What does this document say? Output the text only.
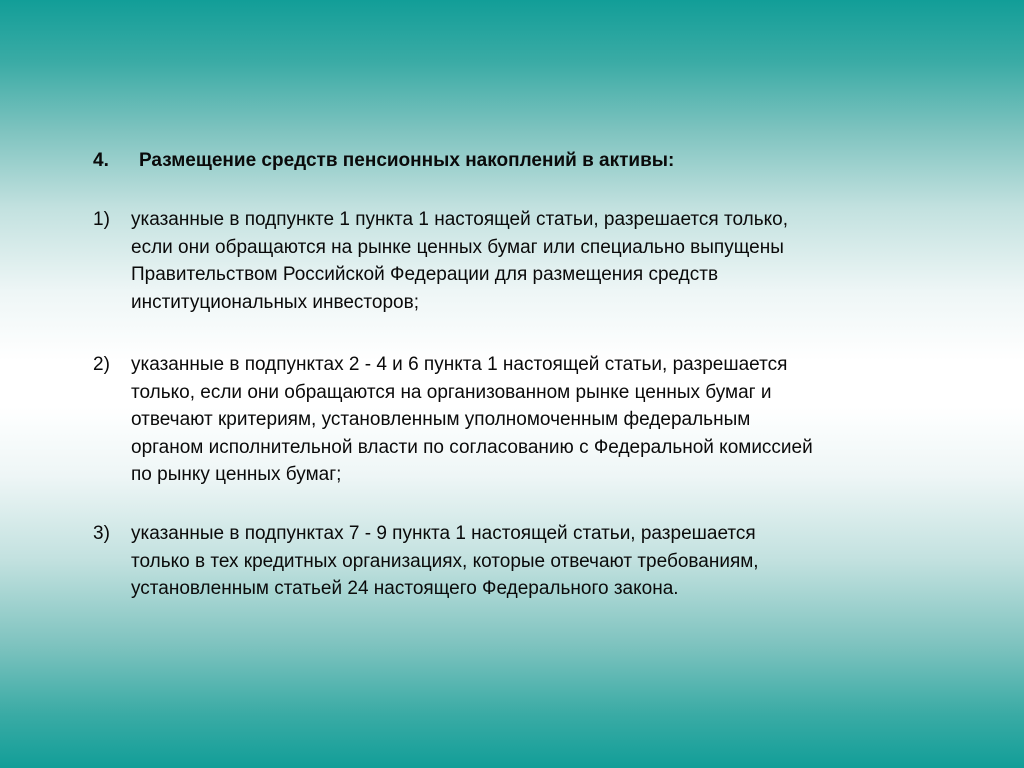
4. Размещение средств пенсионных накоплений в активы:
1) указанные в подпункте 1 пункта 1 настоящей статьи, разрешается только,
если они обращаются на рынке ценных бумаг или специально выпущены
Правительством Российской Федерации для размещения средств
институциональных инвесторов;
2) указанные в подпунктах 2 - 4 и 6 пункта 1 настоящей статьи, разрешается
только, если они обращаются на организованном рынке ценных бумаг и
отвечают критериям, установленным уполномоченным федеральным
органом исполнительной власти по согласованию с Федеральной комиссией
по рынку ценных бумаг;
3) указанные в подпунктах 7 - 9 пункта 1 настоящей статьи, разрешается
только в тех кредитных организациях, которые отвечают требованиям,
установленным статьей 24 настоящего Федерального закона.
